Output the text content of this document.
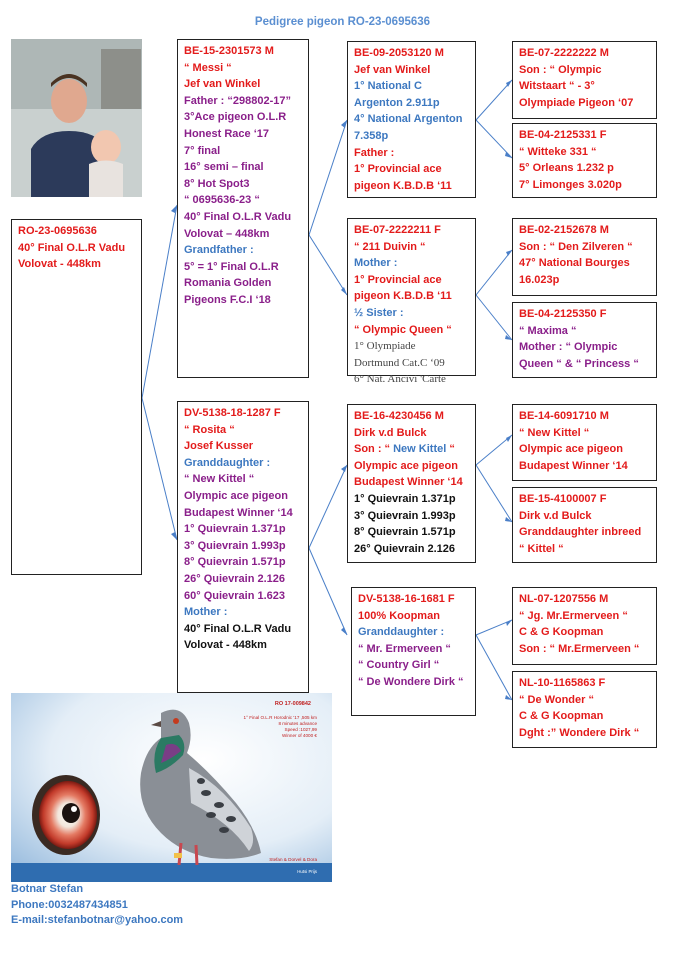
Pedigree pigeon RO-23-0695636
RO-23-0695636
40° Final O.L.R Vadu
Volovat - 448km
BE-15-2301573 M
“ Messi “
Jef van Winkel
Father : “298802-17”
3°Ace pigeon O.L.R
Honest Race ‘17
7° final
16° semi – final
8° Hot Spot3
“ 0695636-23 “
40° Final O.L.R Vadu
Volovat – 448km
Grandfather :
5° = 1° Final O.L.R
Romania Golden
Pigeons F.C.I ‘18
DV-5138-18-1287 F
“ Rosita “
Josef Kusser
Granddaughter :
“ New Kittel “
Olympic ace pigeon
Budapest Winner ‘14
1° Quievrain 1.371p
3° Quievrain 1.993p
8° Quievrain 1.571p
26° Quievrain 2.126
60° Quievrain 1.623
Mother :
40° Final O.L.R Vadu
Volovat - 448km
BE-09-2053120 M
Jef van Winkel
1° National C
Argenton 2.911p
4° National Argenton
7.358p
Father :
1° Provincial ace
pigeon K.B.D.B ‘11
BE-07-2222211 F
“ 211 Duivin “
Mother :
1° Provincial ace
pigeon K.B.D.B ‘11
½ Sister :
“ Olympic Queen “
1° Olympiade
Dortmund Cat.C ‘09
6° Nat. Ancivi 'Carte
BE-16-4230456 M
Dirk v.d Bulck
Son : “ New Kittel “
Olympic ace pigeon
Budapest Winner ‘14
1° Quievrain 1.371p
3° Quievrain 1.993p
8° Quievrain 1.571p
26° Quievrain 2.126
DV-5138-16-1681 F
100% Koopman
Granddaughter :
“ Mr. Ermerveen “
“ Country Girl “
“ De Wondere Dirk “
BE-07-2222222 M
Son : “ Olympic
Witstaart “ - 3°
Olympiade Pigeon ‘07
BE-04-2125331 F
“ Witteke 331 “
5° Orleans 1.232 p
7° Limonges 3.020p
BE-02-2152678 M
Son : “ Den Zilveren “
47° National Bourges
16.023p
BE-04-2125350 F
“ Maxima “
Mother : “ Olympic
Queen “ & “ Princess “
BE-14-6091710 M
“ New Kittel “
Olympic ace pigeon
Budapest Winner ‘14
BE-15-4100007 F
Dirk v.d Bulck
Granddaughter inbreed
“ Kittel “
NL-07-1207556 M
“ Jg. Mr.Ermerveen “
C & G Koopman
Son : “ Mr.Ermerveen “
NL-10-1165863 F
“ De Wonder “
C & G Koopman
Dght :” Wondere Dirk “
RO 17-009842
1° Final O.L.R Horodnic '17 ,505 km
8 minutes advance
Speed :1027,99
Winner of 4000 €
Stefan & Dorvel & Dora
Hutsi Prijs
Botnar Stefan
Phone:0032487434851
E-mail:stefanbotnar@yahoo.com
